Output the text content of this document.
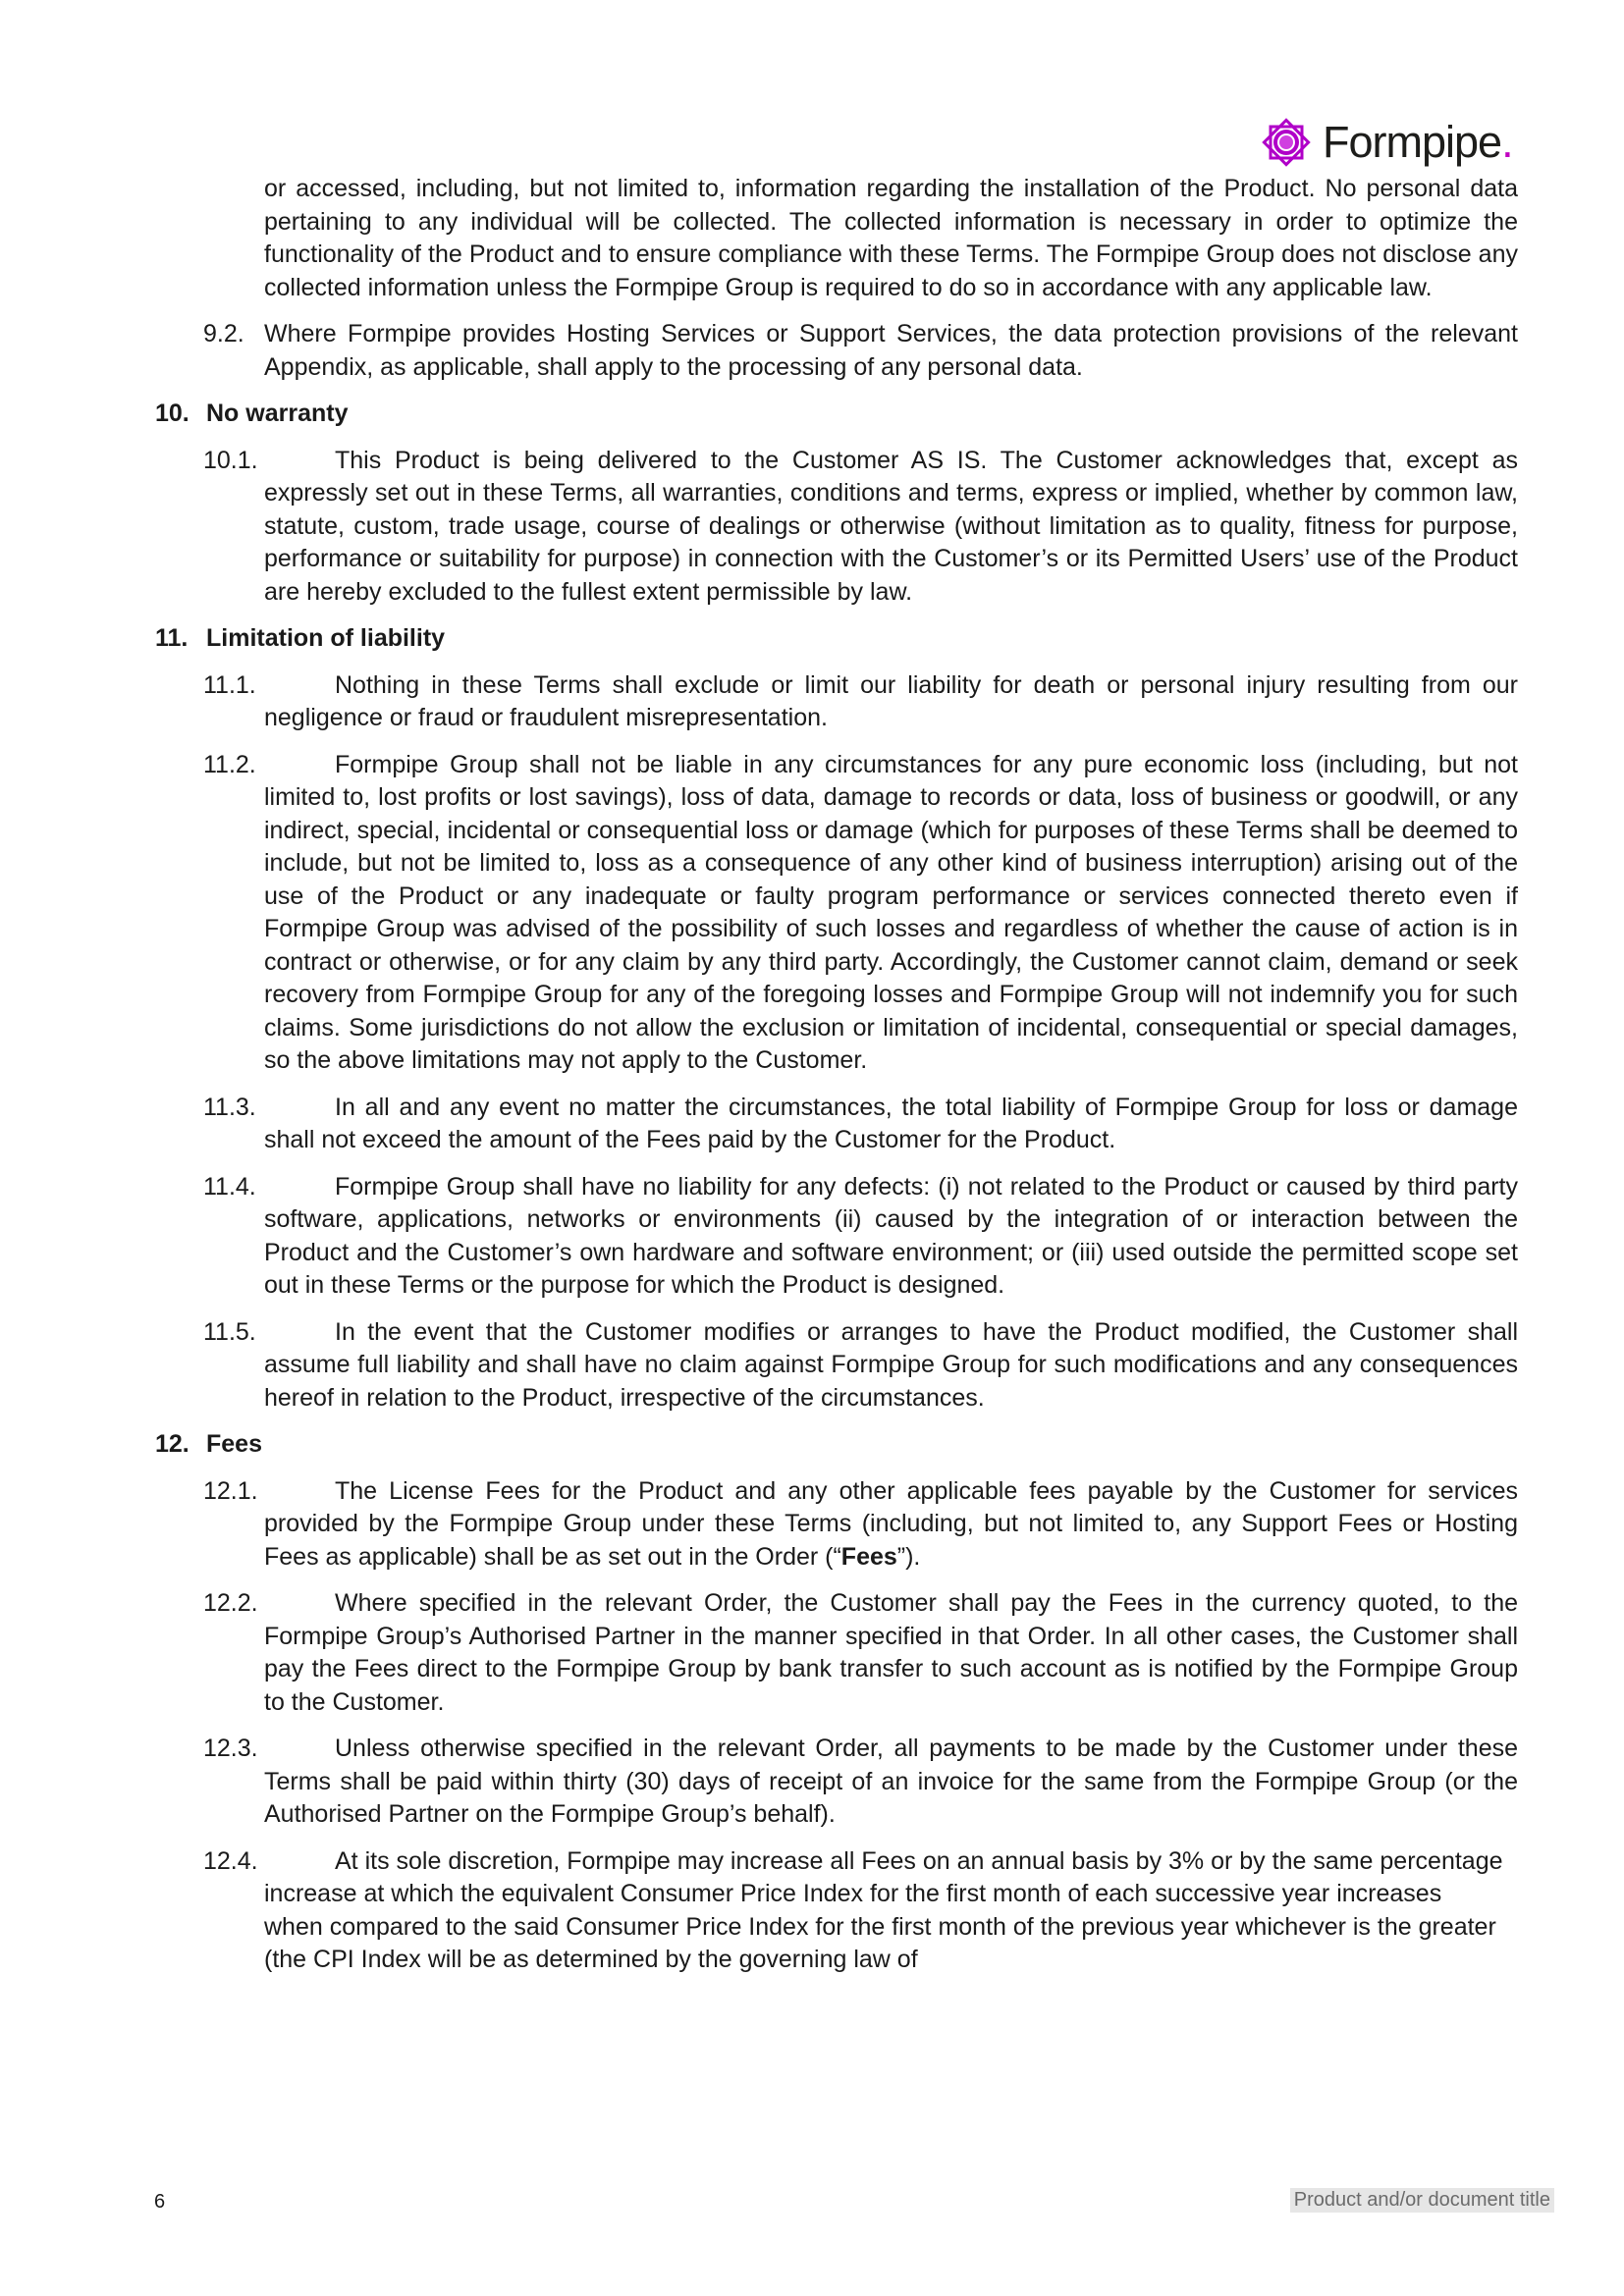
Formpipe.

or accessed, including, but not limited to, information regarding the installation of the Product. No personal data pertaining to any individual will be collected. The collected information is necessary in order to optimize the functionality of the Product and to ensure compliance with these Terms. The Formpipe Group does not disclose any collected information unless the Formpipe Group is required to do so in accordance with any applicable law.

9.2. Where Formpipe provides Hosting Services or Support Services, the data protection provisions of the relevant Appendix, as applicable, shall apply to the processing of any personal data.

10. No warranty

10.1.	This Product is being delivered to the Customer AS IS. The Customer acknowledges that, except as expressly set out in these Terms, all warranties, conditions and terms, express or implied, whether by common law, statute, custom, trade usage, course of dealings or otherwise (without limitation as to quality, fitness for purpose, performance or suitability for purpose) in connection with the Customer’s or its Permitted Users’ use of the Product are hereby excluded to the fullest extent permissible by law.

11. Limitation of liability

11.1.	Nothing in these Terms shall exclude or limit our liability for death or personal injury resulting from our negligence or fraud or fraudulent misrepresentation.

11.2.	Formpipe Group shall not be liable in any circumstances for any pure economic loss (including, but not limited to, lost profits or lost savings), loss of data, damage to records or data, loss of business or goodwill, or any indirect, special, incidental or consequential loss or damage (which for purposes of these Terms shall be deemed to include, but not be limited to, loss as a consequence of any other kind of business interruption) arising out of the use of the Product or any inadequate or faulty program performance or services connected thereto even if Formpipe Group was advised of the possibility of such losses and regardless of whether the cause of action is in contract or otherwise, or for any claim by any third party. Accordingly, the Customer cannot claim, demand or seek recovery from Formpipe Group for any of the foregoing losses and Formpipe Group will not indemnify you for such claims. Some jurisdictions do not allow the exclusion or limitation of incidental, consequential or special damages, so the above limitations may not apply to the Customer.

11.3.	In all and any event no matter the circumstances, the total liability of Formpipe Group for loss or damage shall not exceed the amount of the Fees paid by the Customer for the Product.

11.4.	Formpipe Group shall have no liability for any defects: (i) not related to the Product or caused by third party software, applications, networks or environments (ii) caused by the integration of or interaction between the Product and the Customer’s own hardware and software environment; or (iii) used outside the permitted scope set out in these Terms or the purpose for which the Product is designed.

11.5.	In the event that the Customer modifies or arranges to have the Product modified, the Customer shall assume full liability and shall have no claim against Formpipe Group for such modifications and any consequences hereof in relation to the Product, irrespective of the circumstances.

12. Fees

12.1.	The License Fees for the Product and any other applicable fees payable by the Customer for services provided by the Formpipe Group under these Terms (including, but not limited to, any Support Fees or Hosting Fees as applicable) shall be as set out in the Order (“Fees”).

12.2.	Where specified in the relevant Order, the Customer shall pay the Fees in the currency quoted, to the Formpipe Group’s Authorised Partner in the manner specified in that Order. In all other cases, the Customer shall pay the Fees direct to the Formpipe Group by bank transfer to such account as is notified by the Formpipe Group to the Customer.

12.3.	Unless otherwise specified in the relevant Order, all payments to be made by the Customer under these Terms shall be paid within thirty (30) days of receipt of an invoice for the same from the Formpipe Group (or the Authorised Partner on the Formpipe Group’s behalf).

12.4.	At its sole discretion, Formpipe may increase all Fees on an annual basis by 3% or by the same percentage increase at which the equivalent Consumer Price Index for the first month of each successive year increases when compared to the said Consumer Price Index for the first month of the previous year whichever is the greater (the CPI Index will be as determined by the governing law of

6	Product and/or document title
